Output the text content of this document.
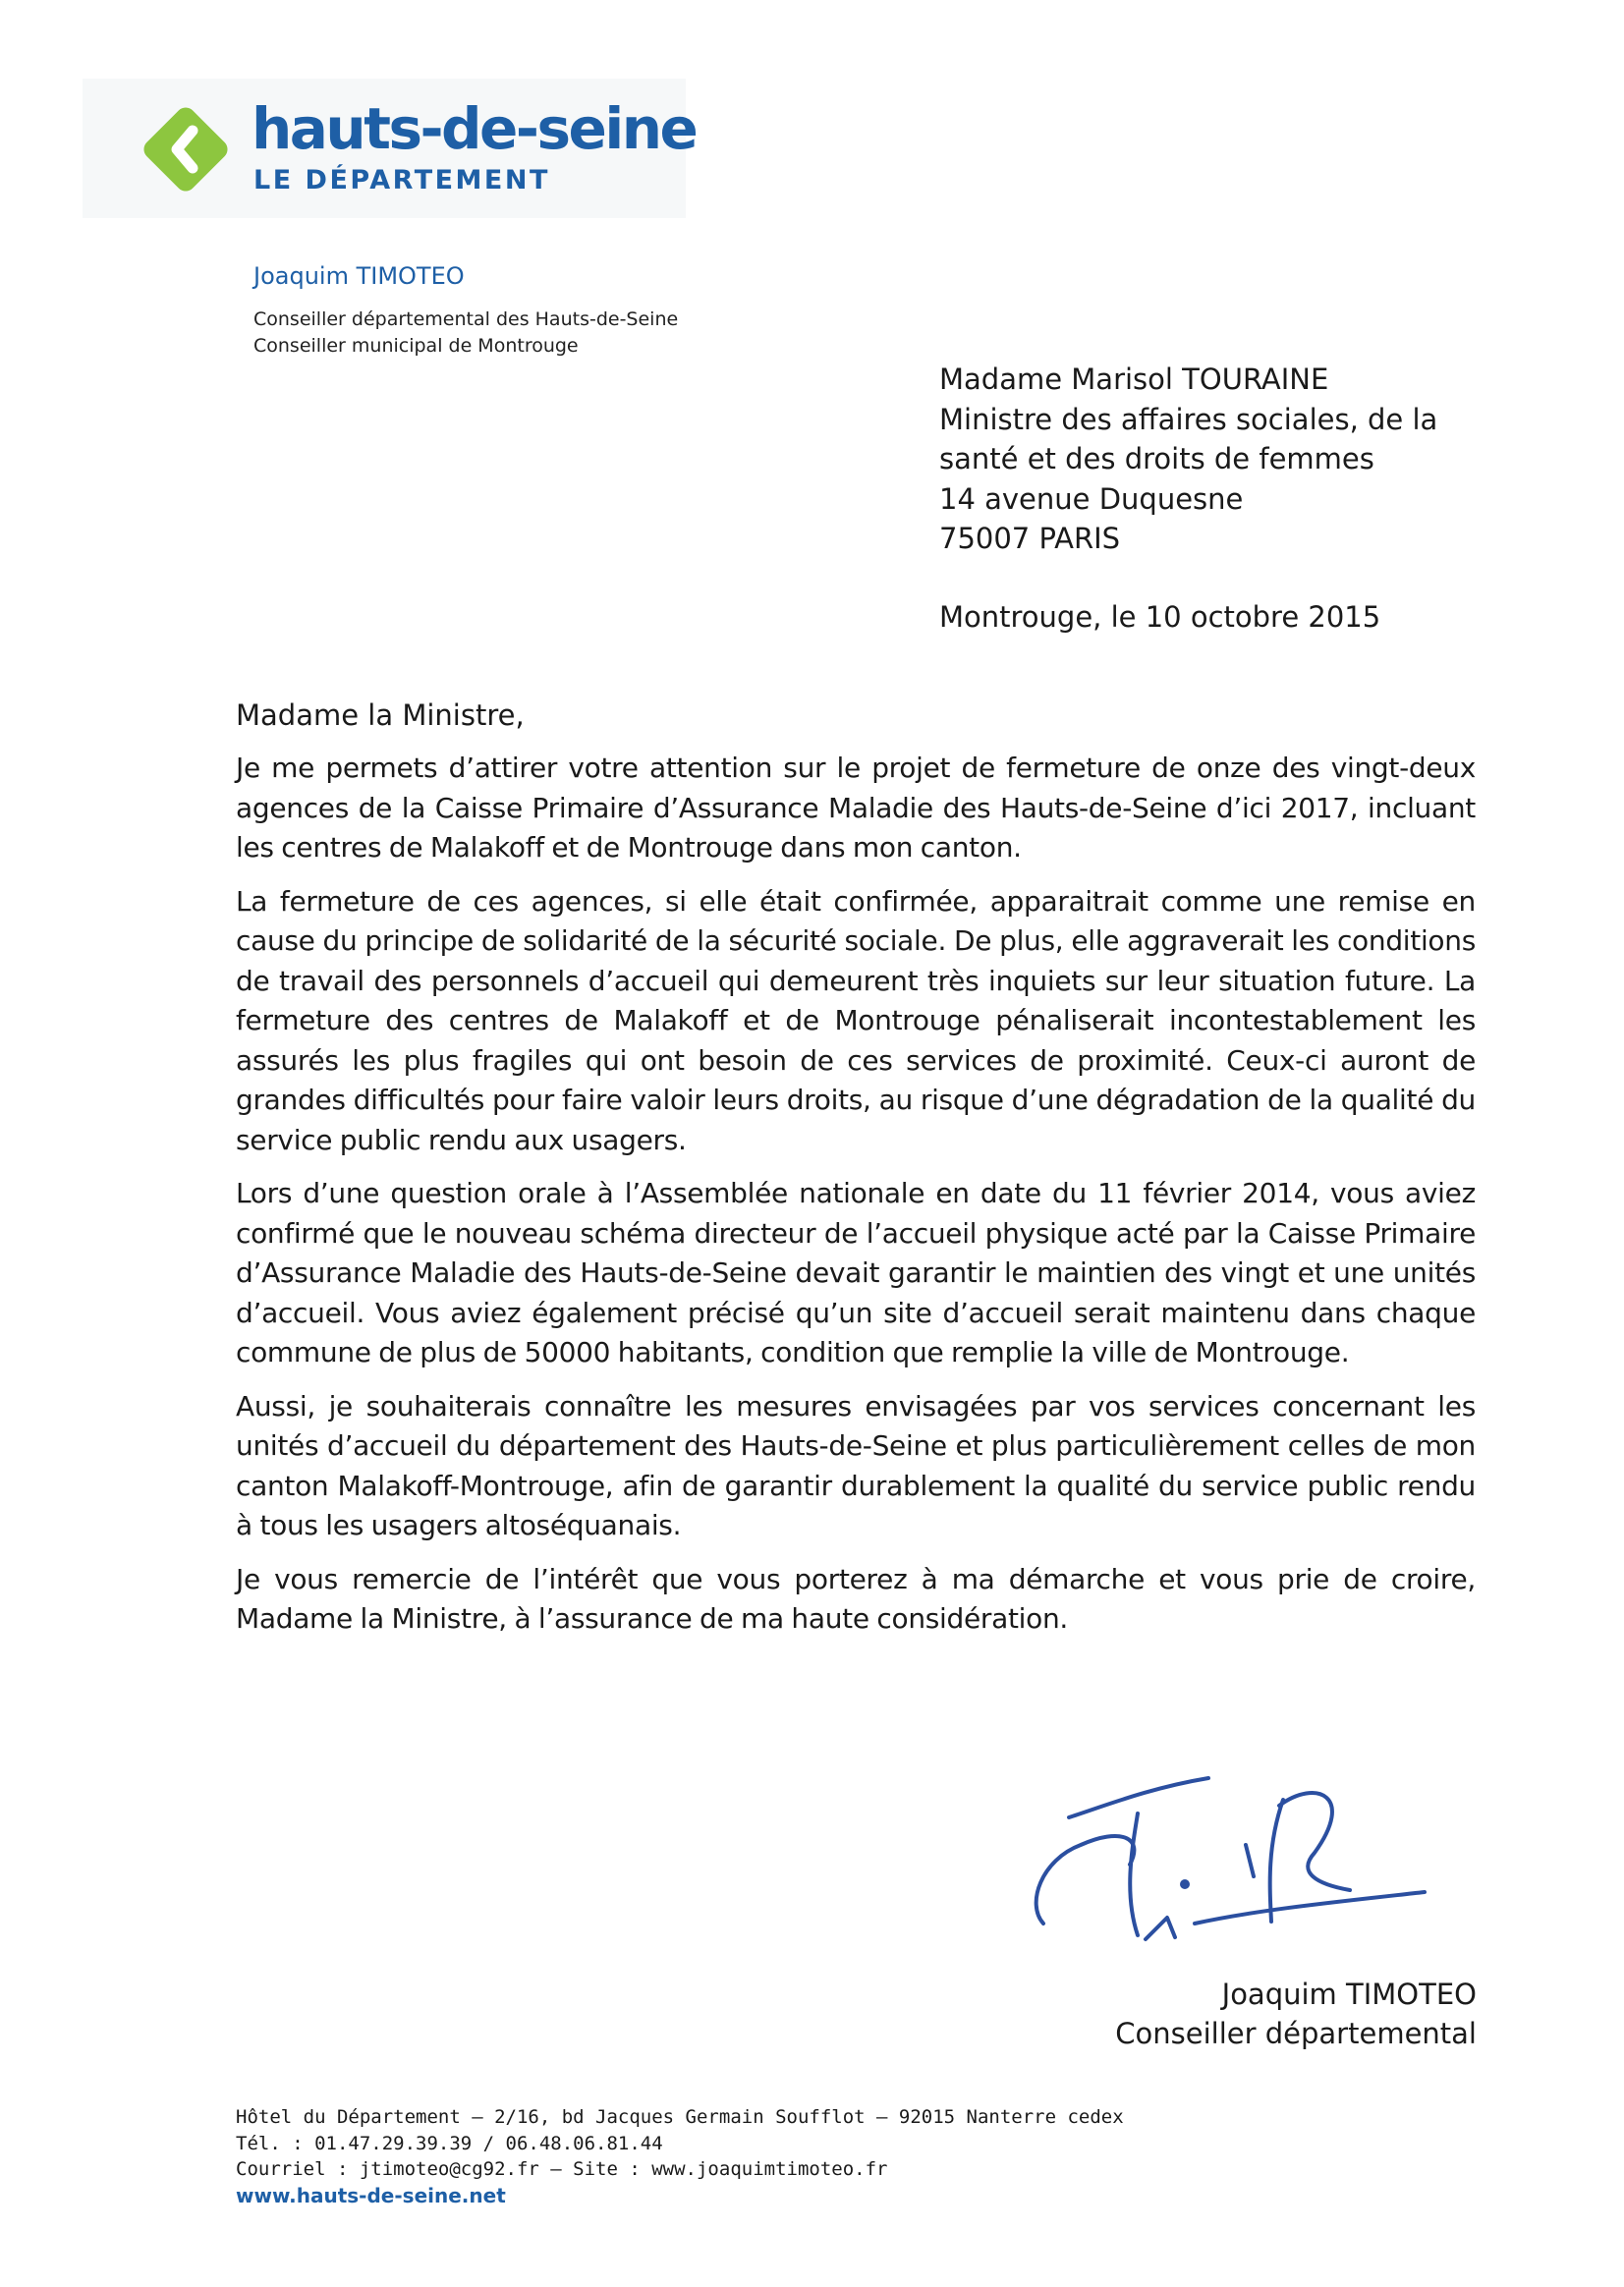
hauts-de-seine
LE DÉPARTEMENT
Joaquim TIMOTEO
Conseiller départemental des Hauts-de-Seine
Conseiller municipal de Montrouge
Madame Marisol TOURAINE
Ministre des affaires sociales, de la
santé et des droits de femmes
14 avenue Duquesne
75007 PARIS
Montrouge, le 10 octobre 2015
Madame la Ministre,

Je me permets d’attirer votre attention sur le projet de fermeture de onze des vingt-deux agences de la Caisse Primaire d’Assurance Maladie des Hauts-de-Seine d’ici 2017, incluant les centres de Malakoff et de Montrouge dans mon canton.

La fermeture de ces agences, si elle était confirmée, apparaitrait comme une remise en cause du principe de solidarité de la sécurité sociale. De plus, elle aggraverait les conditions de travail des personnels d’accueil qui demeurent très inquiets sur leur situation future. La fermeture des centres de Malakoff et de Montrouge pénaliserait incontestablement les assurés les plus fragiles qui ont besoin de ces services de proximité. Ceux-ci auront de grandes difficultés pour faire valoir leurs droits, au risque d’une dégradation de la qualité du service public rendu aux usagers.

Lors d’une question orale à l’Assemblée nationale en date du 11 février 2014, vous aviez confirmé que le nouveau schéma directeur de l’accueil physique acté par la Caisse Primaire d’Assurance Maladie des Hauts-de-Seine devait garantir le maintien des vingt et une unités d’accueil. Vous aviez également précisé qu’un site d’accueil serait maintenu dans chaque commune de plus de 50000 habitants, condition que remplie la ville de Montrouge.

Aussi, je souhaiterais connaître les mesures envisagées par vos services concernant les unités d’accueil du département des Hauts-de-Seine et plus particulièrement celles de mon canton Malakoff-Montrouge, afin de garantir durablement la qualité du service public rendu à tous les usagers altoséquanais.

Je vous remercie de l’intérêt que vous porterez à ma démarche et vous prie de croire, Madame la Ministre, à l’assurance de ma haute considération.

Joaquim TIMOTEO
Conseiller départemental
Hôtel du Département – 2/16, bd Jacques Germain Soufflot – 92015 Nanterre cedex
Tél. : 01.47.29.39.39 / 06.48.06.81.44
Courriel : jtimoteo@cg92.fr – Site : www.joaquimtimoteo.fr
www.hauts-de-seine.net
